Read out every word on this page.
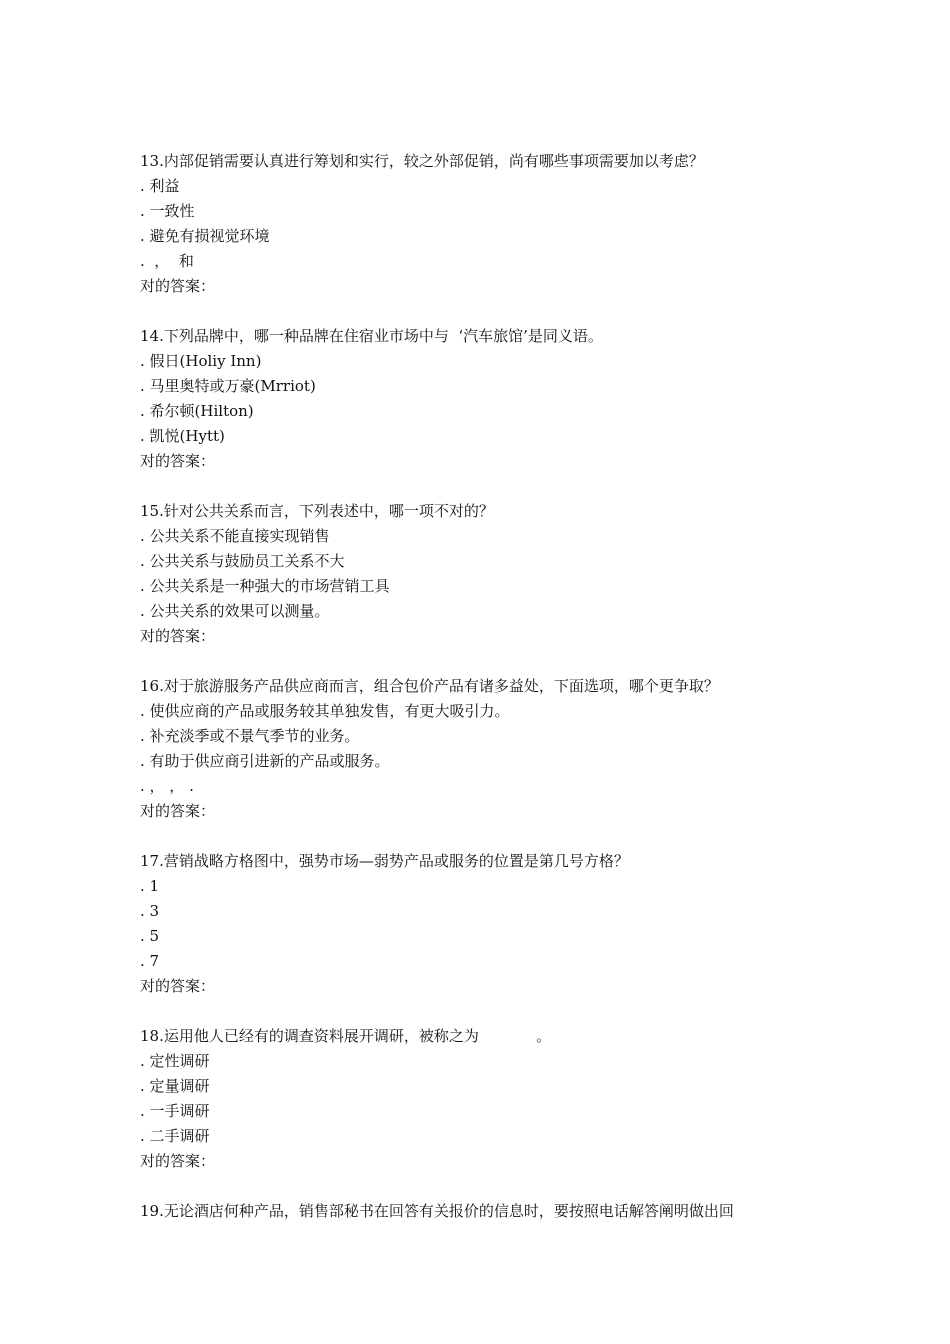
13.内部促销需要认真进行筹划和实行，较之外部促销，尚有哪些事项需要加以考虑？
. 利益
. 一致性
. 避免有损视觉环境
.  ，  和
对的答案：
14.下列品牌中，哪一种品牌在住宿业市场中与  ‘汽车旅馆’是同义语。
. 假日(Holiy Inn)
. 马里奥特或万豪(Mrriot)
. 希尔顿(Hilton)
. 凯悦(Hytt)
对的答案：
15.针对公共关系而言，下列表述中，哪一项不对的？
. 公共关系不能直接实现销售
. 公共关系与鼓励员工关系不大
. 公共关系是一种强大的市场营销工具
. 公共关系的效果可以测量。
对的答案：
16.对于旅游服务产品供应商而言，组合包价产品有诸多益处，下面选项，哪个更争取？
. 使供应商的产品或服务较其单独发售，有更大吸引力。
. 补充淡季或不景气季节的业务。
. 有助于供应商引进新的产品或服务。
. ， ， .
对的答案：
17.营销战略方格图中，强势市场—弱势产品或服务的位置是第几号方格？
. 1
. 3
. 5
. 7
对的答案：
18.运用他人已经有的调查资料展开调研，被称之为            。
. 定性调研
. 定量调研
. 一手调研
. 二手调研
对的答案：
19.无论酒店何种产品，销售部秘书在回答有关报价的信息时，要按照电话解答阐明做出回
